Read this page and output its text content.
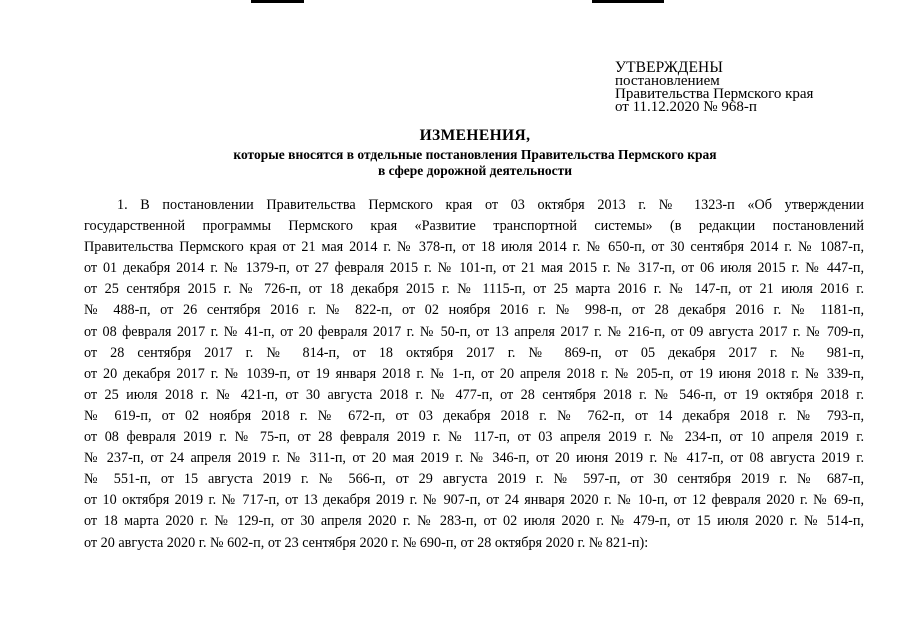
УТВЕРЖДЕНЫ
постановлением
Правительства Пермского края
от 11.12.2020 № 968-п
ИЗМЕНЕНИЯ,
которые вносятся в отдельные постановления Правительства Пермского края
в сфере дорожной деятельности
1. В постановлении Правительства Пермского края от 03 октября 2013 г. № 1323-п «Об утверждении
государственной программы Пермского края «Развитие транспортной системы» (в редакции постановлений
Правительства Пермского края от 21 мая 2014 г. № 378-п, от 18 июля 2014 г. № 650-п, от 30 сентября 2014 г. № 1087-п,
от 01 декабря 2014 г. № 1379-п, от 27 февраля 2015 г. № 101-п, от 21 мая 2015 г. № 317-п, от 06 июля 2015 г. № 447-п,
от 25 сентября 2015 г. № 726-п, от 18 декабря 2015 г. № 1115-п, от 25 марта 2016 г. № 147-п, от 21 июля 2016 г.
№ 488-п, от 26 сентября 2016 г. № 822-п, от 02 ноября 2016 г. № 998-п, от 28 декабря 2016 г. № 1181-п,
от 08 февраля 2017 г. № 41-п, от 20 февраля 2017 г. № 50-п, от 13 апреля 2017 г. № 216-п, от 09 августа 2017 г. № 709-п,
от 28 сентября 2017 г. № 814-п, от 18 октября 2017 г. № 869-п, от 05 декабря 2017 г. № 981-п,
от 20 декабря 2017 г. № 1039-п, от 19 января 2018 г. № 1-п, от 20 апреля 2018 г. № 205-п, от 19 июня 2018 г. № 339-п,
от 25 июля 2018 г. № 421-п, от 30 августа 2018 г. № 477-п, от 28 сентября 2018 г. № 546-п, от 19 октября 2018 г.
№ 619-п, от 02 ноября 2018 г. № 672-п, от 03 декабря 2018 г. № 762-п, от 14 декабря 2018 г. № 793-п,
от 08 февраля 2019 г. № 75-п, от 28 февраля 2019 г. № 117-п, от 03 апреля 2019 г. № 234-п, от 10 апреля 2019 г.
№ 237-п, от 24 апреля 2019 г. № 311-п, от 20 мая 2019 г. № 346-п, от 20 июня 2019 г. № 417-п, от 08 августа 2019 г.
№ 551-п, от 15 августа 2019 г. № 566-п, от 29 августа 2019 г. № 597-п, от 30 сентября 2019 г. № 687-п,
от 10 октября 2019 г. № 717-п, от 13 декабря 2019 г. № 907-п, от 24 января 2020 г. № 10-п, от 12 февраля 2020 г. № 69-п,
от 18 марта 2020 г. № 129-п, от 30 апреля 2020 г. № 283-п, от 02 июля 2020 г. № 479-п, от 15 июля 2020 г. № 514-п,
от 20 августа 2020 г. № 602-п, от 23 сентября 2020 г. № 690-п, от 28 октября 2020 г. № 821-п):
